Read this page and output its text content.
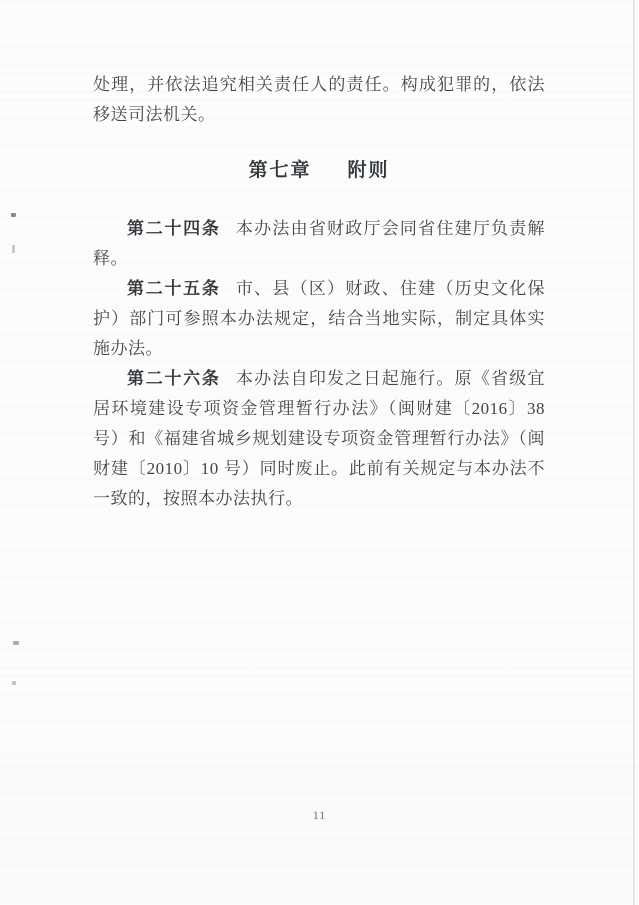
处理，并依法追究相关责任人的责任。构成犯罪的，依法移送司法机关。

第七章 附则

第二十四条 本办法由省财政厅会同省住建厅负责解释。

第二十五条 市、县（区）财政、住建（历史文化保护）部门可参照本办法规定，结合当地实际，制定具体实施办法。

第二十六条 本办法自印发之日起施行。原《省级宜居环境建设专项资金管理暂行办法》（闽财建〔2016〕38 号）和《福建省城乡规划建设专项资金管理暂行办法》（闽财建〔2010〕10 号）同时废止。此前有关规定与本办法不一致的，按照本办法执行。

11
